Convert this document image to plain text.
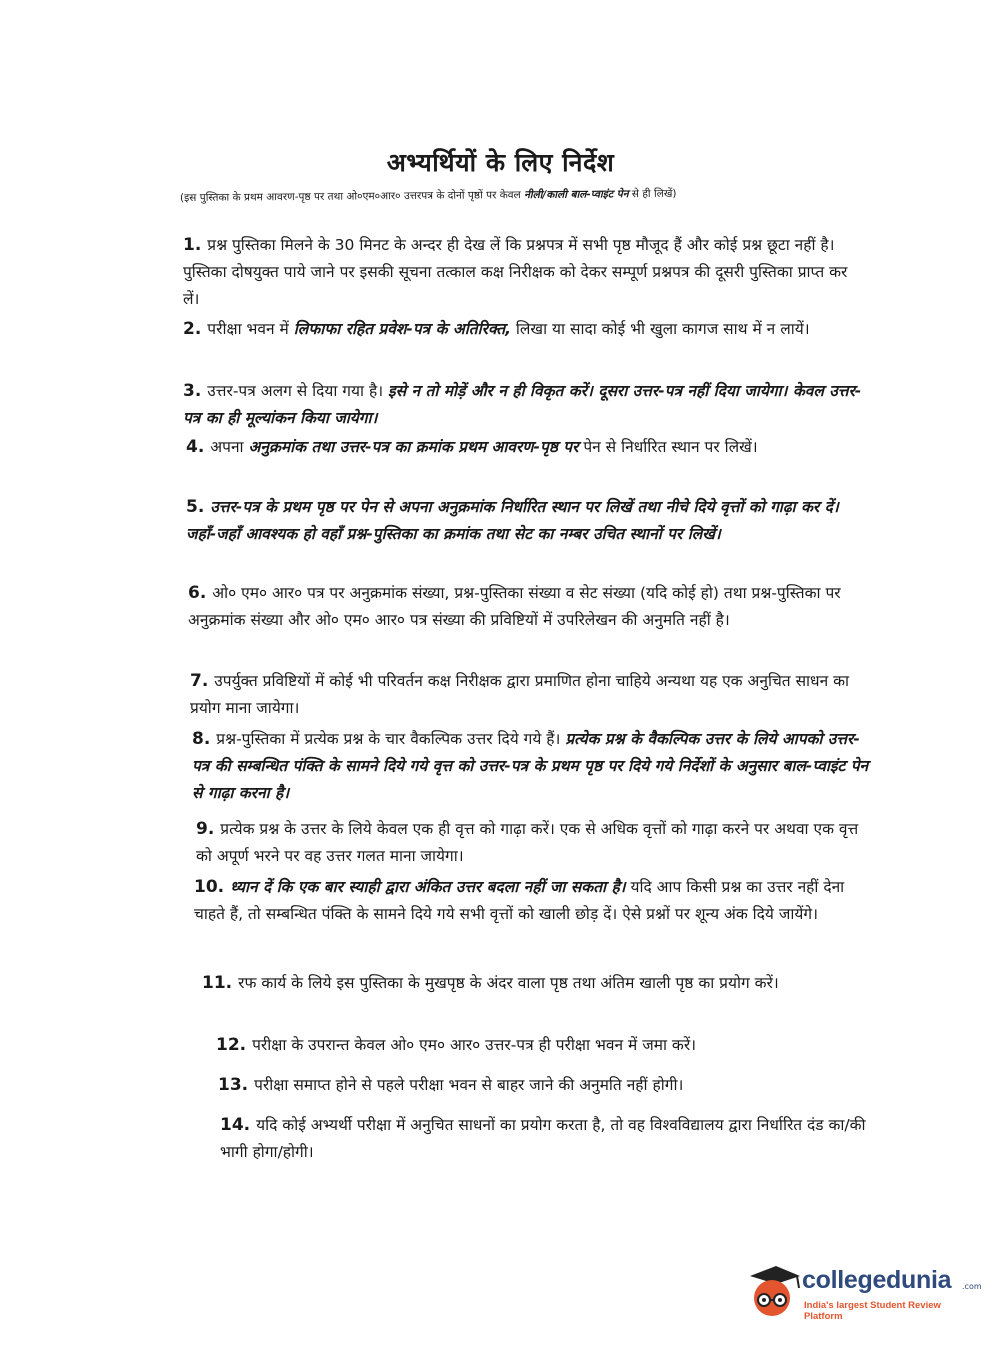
अभ्यर्थियों के लिए निर्देश
(इस पुस्तिका के प्रथम आवरण-पृष्ठ पर तथा ओ०एम०आर० उत्तरपत्र के दोनों पृष्ठों पर केवल नीली/काली बाल-प्वाइंट पेन से ही लिखें)
1. प्रश्न पुस्तिका मिलने के 30 मिनट के अन्दर ही देख लें कि प्रश्नपत्र में सभी पृष्ठ मौजूद हैं और कोई प्रश्न छूटा नहीं है। पुस्तिका दोषयुक्त पाये जाने पर इसकी सूचना तत्काल कक्ष निरीक्षक को देकर सम्पूर्ण प्रश्नपत्र की दूसरी पुस्तिका प्राप्त कर लें।
2. परीक्षा भवन में लिफाफा रहित प्रवेश-पत्र के अतिरिक्त, लिखा या सादा कोई भी खुला कागज साथ में न लायें।
3. उत्तर-पत्र अलग से दिया गया है। इसे न तो मोड़ें और न ही विकृत करें। दूसरा उत्तर-पत्र नहीं दिया जायेगा। केवल उत्तर-पत्र का ही मूल्यांकन किया जायेगा।
4. अपना अनुक्रमांक तथा उत्तर-पत्र का क्रमांक प्रथम आवरण-पृष्ठ पर पेन से निर्धारित स्थान पर लिखें।
5. उत्तर-पत्र के प्रथम पृष्ठ पर पेन से अपना अनुक्रमांक निर्धारित स्थान पर लिखें तथा नीचे दिये वृत्तों को गाढ़ा कर दें। जहाँ-जहाँ आवश्यक हो वहाँ प्रश्न-पुस्तिका का क्रमांक तथा सेट का नम्बर उचित स्थानों पर लिखें।
6. ओ० एम० आर० पत्र पर अनुक्रमांक संख्या, प्रश्न-पुस्तिका संख्या व सेट संख्या (यदि कोई हो) तथा प्रश्न-पुस्तिका पर अनुक्रमांक संख्या और ओ० एम० आर० पत्र संख्या की प्रविष्टियों में उपरिलेखन की अनुमति नहीं है।
7. उपर्युक्त प्रविष्टियों में कोई भी परिवर्तन कक्ष निरीक्षक द्वारा प्रमाणित होना चाहिये अन्यथा यह एक अनुचित साधन का प्रयोग माना जायेगा।
8. प्रश्न-पुस्तिका में प्रत्येक प्रश्न के चार वैकल्पिक उत्तर दिये गये हैं। प्रत्येक प्रश्न के वैकल्पिक उत्तर के लिये आपको उत्तर-पत्र की सम्बन्धित पंक्ति के सामने दिये गये वृत्त को उत्तर-पत्र के प्रथम पृष्ठ पर दिये गये निर्देशों के अनुसार बाल-प्वाइंट पेन से गाढ़ा करना है।
9. प्रत्येक प्रश्न के उत्तर के लिये केवल एक ही वृत्त को गाढ़ा करें। एक से अधिक वृत्तों को गाढ़ा करने पर अथवा एक वृत्त को अपूर्ण भरने पर वह उत्तर गलत माना जायेगा।
10. ध्यान दें कि एक बार स्याही द्वारा अंकित उत्तर बदला नहीं जा सकता है। यदि आप किसी प्रश्न का उत्तर नहीं देना चाहते हैं, तो सम्बन्धित पंक्ति के सामने दिये गये सभी वृत्तों को खाली छोड़ दें। ऐसे प्रश्नों पर शून्य अंक दिये जायेंगे।
11. रफ कार्य के लिये इस पुस्तिका के मुखपृष्ठ के अंदर वाला पृष्ठ तथा अंतिम खाली पृष्ठ का प्रयोग करें।
12. परीक्षा के उपरान्त केवल ओ० एम० आर० उत्तर-पत्र ही परीक्षा भवन में जमा करें।
13. परीक्षा समाप्त होने से पहले परीक्षा भवन से बाहर जाने की अनुमति नहीं होगी।
14. यदि कोई अभ्यर्थी परीक्षा में अनुचित साधनों का प्रयोग करता है, तो वह विश्वविद्यालय द्वारा निर्धारित दंड का/की भागी होगा/होगी।
collegedunia .com
India's largest Student Review Platform
